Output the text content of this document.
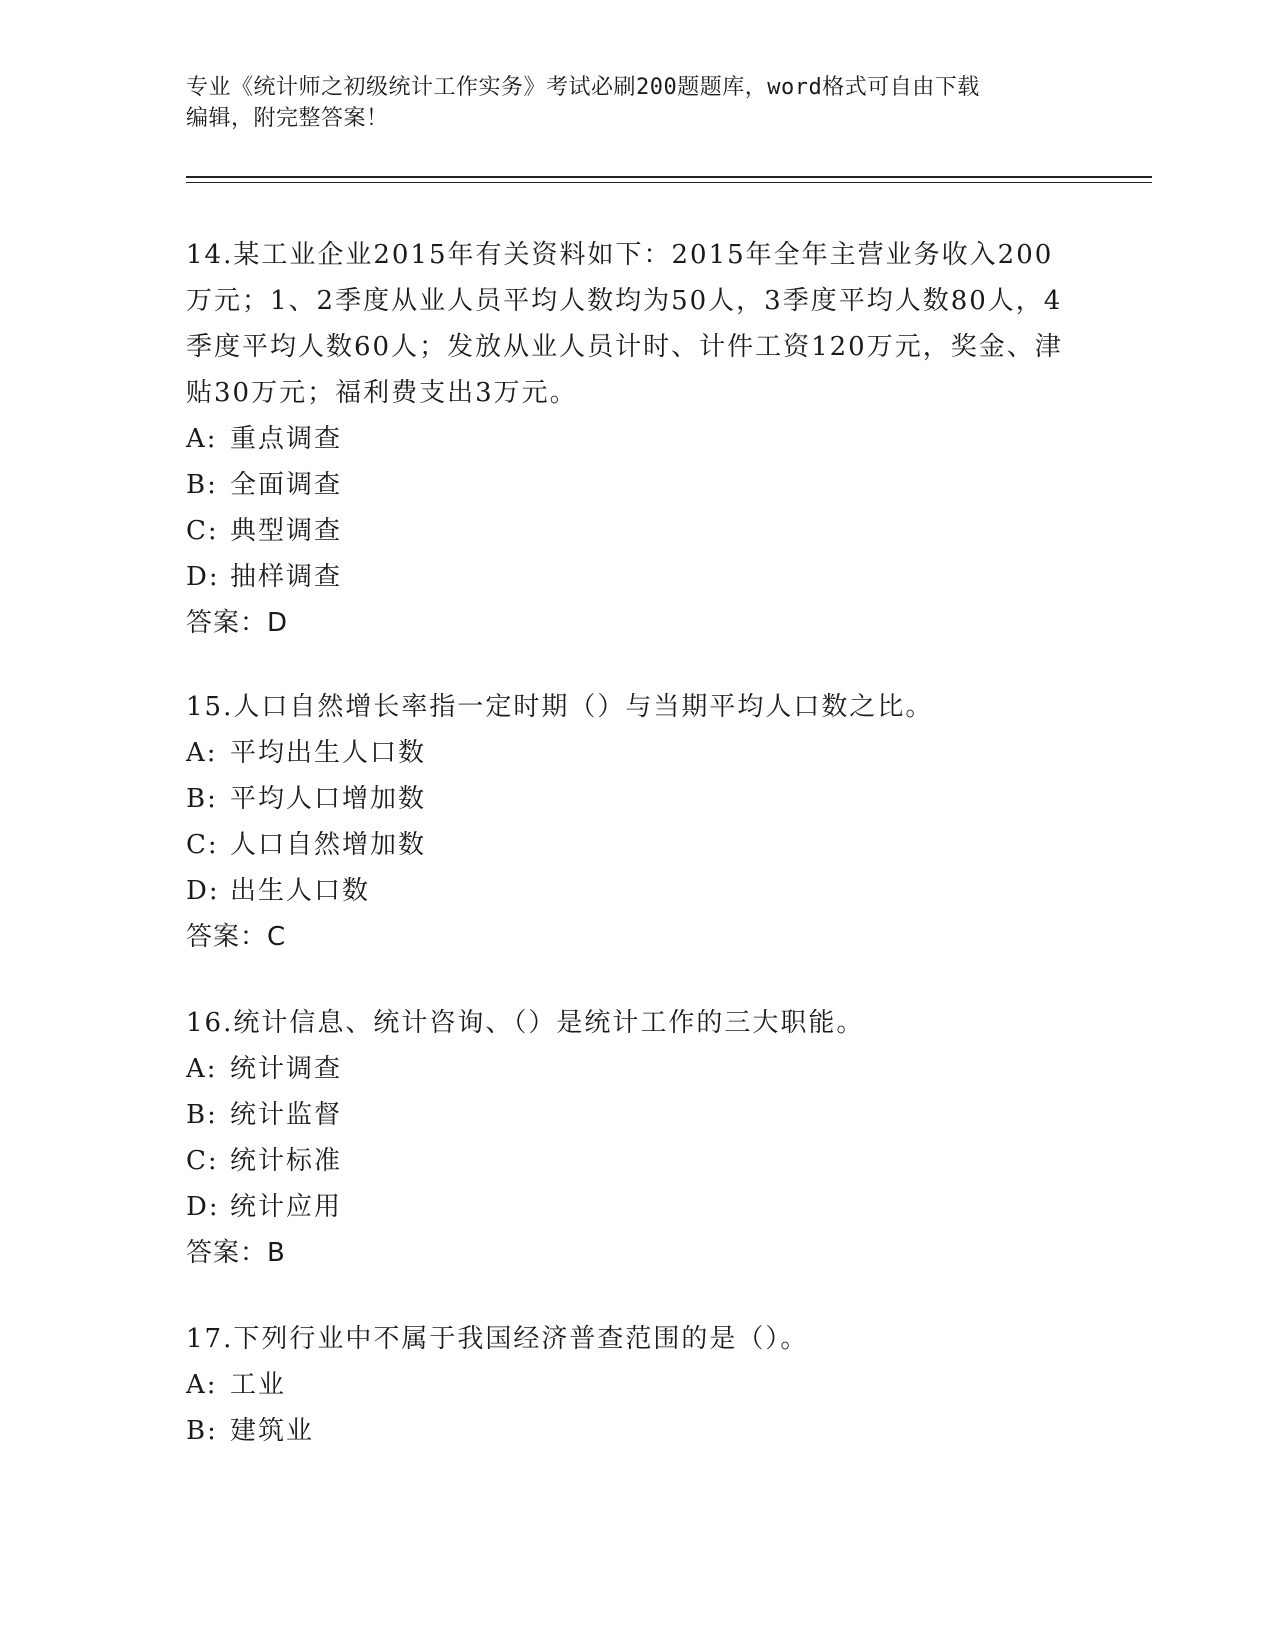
专业《统计师之初级统计工作实务》考试必刷200题题库，word格式可自由下载
编辑，附完整答案！

14.某工业企业2015年有关资料如下：2015年全年主营业务收入200万元；1、2季度从业人员平均人数均为50人，3季度平均人数80人，4季度平均人数60人；发放从业人员计时、计件工资120万元，奖金、津贴30万元；福利费支出3万元。

A: 重点调查

B: 全面调查

C: 典型调查

D: 抽样调查

答案：D

15.人口自然增长率指一定时期（）与当期平均人口数之比。

A: 平均出生人口数

B: 平均人口增加数

C: 人口自然增加数

D: 出生人口数

答案：C

16.统计信息、统计咨询、（）是统计工作的三大职能。

A: 统计调查

B: 统计监督

C: 统计标准

D: 统计应用

答案：B

17.下列行业中不属于我国经济普查范围的是（）。

A: 工业

B: 建筑业
